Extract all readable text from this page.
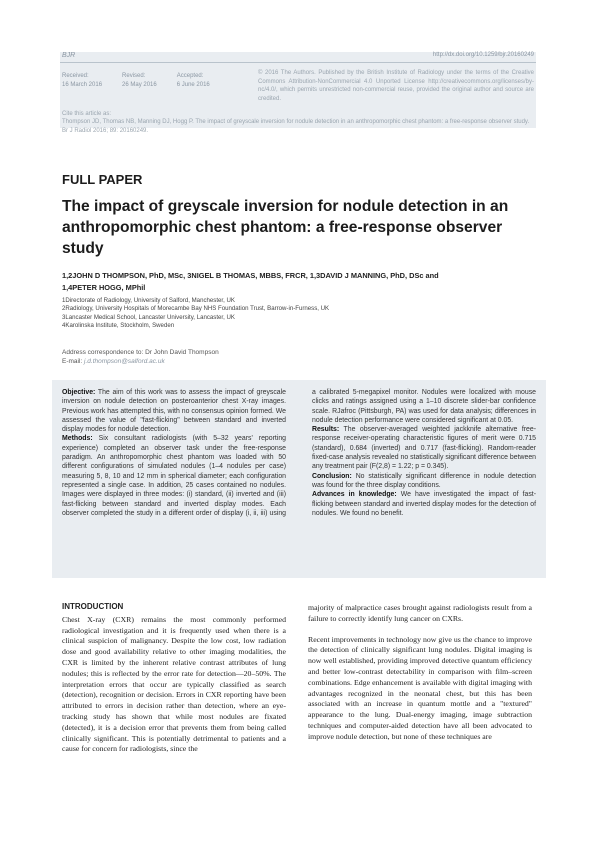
BJR	http://dx.doi.org/10.1259/bjr.20160249
Received:
16 March 2016
Revised:
26 May 2016
Accepted:
6 June 2016
© 2016 The Authors. Published by the British Institute of Radiology under the terms of the Creative Commons Attribution-NonCommercial 4.0 Unported License http://creativecommons.org/licenses/by-nc/4.0/, which permits unrestricted non-commercial reuse, provided the original author and source are credited.
Cite this article as:
Thompson JD, Thomas NB, Manning DJ, Hogg P. The impact of greyscale inversion for nodule detection in an anthropomorphic chest phantom: a free-response observer study. Br J Radiol 2016; 89: 20160249.
FULL PAPER
The impact of greyscale inversion for nodule detection in an anthropomorphic chest phantom: a free-response observer study
1,2JOHN D THOMPSON, PhD, MSc, 3NIGEL B THOMAS, MBBS, FRCR, 1,3DAVID J MANNING, PhD, DSc and
1,4PETER HOGG, MPhil
1Directorate of Radiology, University of Salford, Manchester, UK
2Radiology, University Hospitals of Morecambe Bay NHS Foundation Trust, Barrow-in-Furness, UK
3Lancaster Medical School, Lancaster University, Lancaster, UK
4Karolinska Institute, Stockholm, Sweden
Address correspondence to: Dr John David Thompson
E-mail: j.d.thompson@salford.ac.uk

Objective: The aim of this work was to assess the impact of greyscale inversion on nodule detection on posteroanterior chest X-ray images. Previous work has attempted this, with no consensus opinion formed. We assessed the value of "fast-flicking" between standard and inverted display modes for nodule detection.

Methods: Six consultant radiologists (with 5–32 years' reporting experience) completed an observer task under the free-response paradigm. An anthropomorphic chest phantom was loaded with 50 different configurations of simulated nodules (1–4 nodules per case) measuring 5, 8, 10 and 12 mm in spherical diameter; each configuration represented a single case. In addition, 25 cases contained no nodules. Images were displayed in three modes: (i) standard, (ii) inverted and (iii) fast-flicking between standard and inverted display modes. Each observer completed the study in a different order of display (i, ii, iii) using a calibrated 5-megapixel monitor. Nodules were localized with mouse clicks and ratings assigned using a 1–10 discrete slider-bar confidence scale. RJafroc (Pittsburgh, PA) was used for data analysis; differences in nodule detection performance were considered significant at 0.05.

Results: The observer-averaged weighted jackknife alternative free-response receiver-operating characteristic figures of merit were 0.715 (standard), 0.684 (inverted) and 0.717 (fast-flicking). Random-reader fixed-case analysis revealed no statistically significant difference between any treatment pair (F(2,8) = 1.22; p = 0.345).

Conclusion: No statistically significant difference in nodule detection was found for the three display conditions.

Advances in knowledge: We have investigated the impact of fast-flicking between standard and inverted display modes for the detection of nodules. We found no benefit.

INTRODUCTION

Chest X-ray (CXR) remains the most commonly performed radiological investigation and it is frequently used when there is a clinical suspicion of malignancy. Despite the low cost, low radiation dose and good availability relative to other imaging modalities, the CXR is limited by the inherent relative contrast attributes of lung nodules; this is reflected by the error rate for detection—20–50%. The interpretation errors that occur are typically classified as search (detection), recognition or decision. Errors in CXR reporting have been attributed to errors in decision rather than detection, where an eye-tracking study has shown that while most nodules are fixated (detected), it is a decision error that prevents them from being called clinically significant. This is potentially detrimental to patients and a cause for concern for radiologists, since the

majority of malpractice cases brought against radiologists result from a failure to correctly identify lung cancer on CXRs.

Recent improvements in technology now give us the chance to improve the detection of clinically significant lung nodules. Digital imaging is now well established, providing improved detective quantum efficiency and better low-contrast detectability in comparison with film–screen combinations. Edge enhancement is available with digital imaging with advantages recognized in the neonatal chest, but this has been associated with an increase in quantum mottle and a "textured" appearance to the lung. Dual-energy imaging, image subtraction techniques and computer-aided detection have all been advocated to improve nodule detection, but none of these techniques are
